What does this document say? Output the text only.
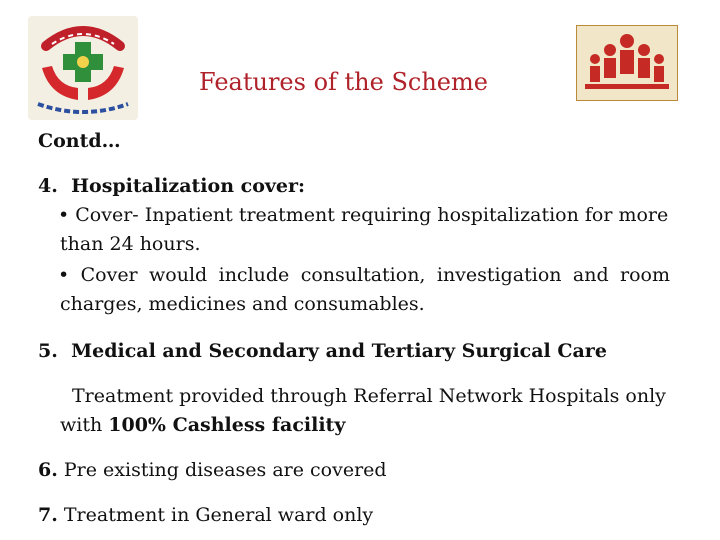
Features of the Scheme
Contd…
4. Hospitalization cover:
• Cover- Inpatient treatment requiring hospitalization for more
than 24 hours.
• Cover would include consultation, investigation and room
charges, medicines and consumables.
5. Medical and Secondary and Tertiary Surgical Care
Treatment provided through Referral Network Hospitals only
with 100% Cashless facility
6. Pre existing diseases are covered
7. Treatment in General ward only
